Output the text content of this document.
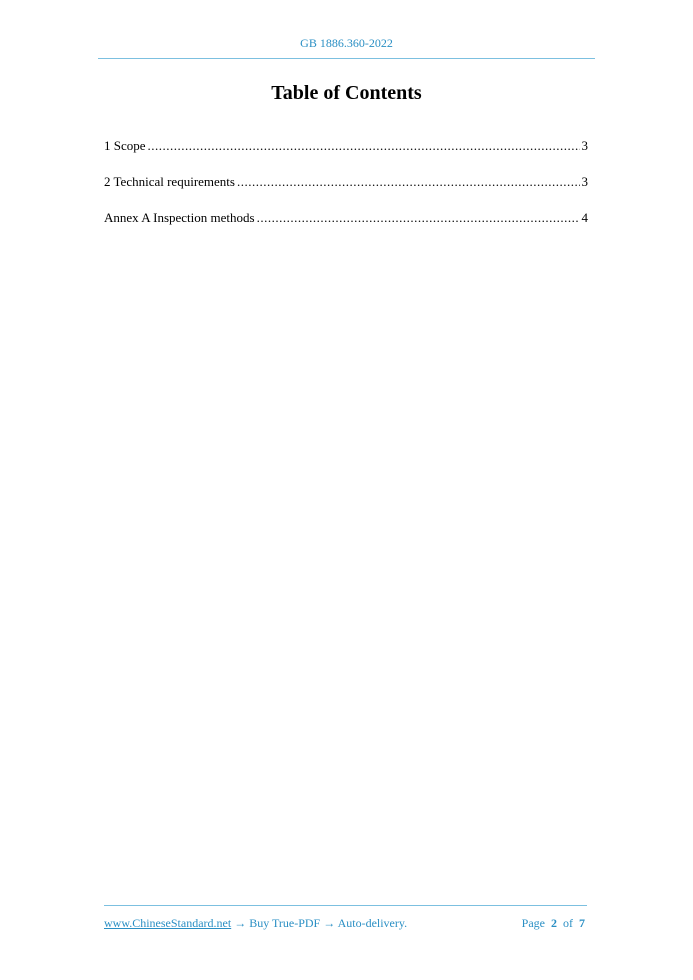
GB 1886.360-2022
Table of Contents
1 Scope .....	3
2 Technical requirements .....	3
Annex A Inspection methods .....	4
www.ChineseStandard.net → Buy True-PDF → Auto-delivery.	Page 2 of 7
